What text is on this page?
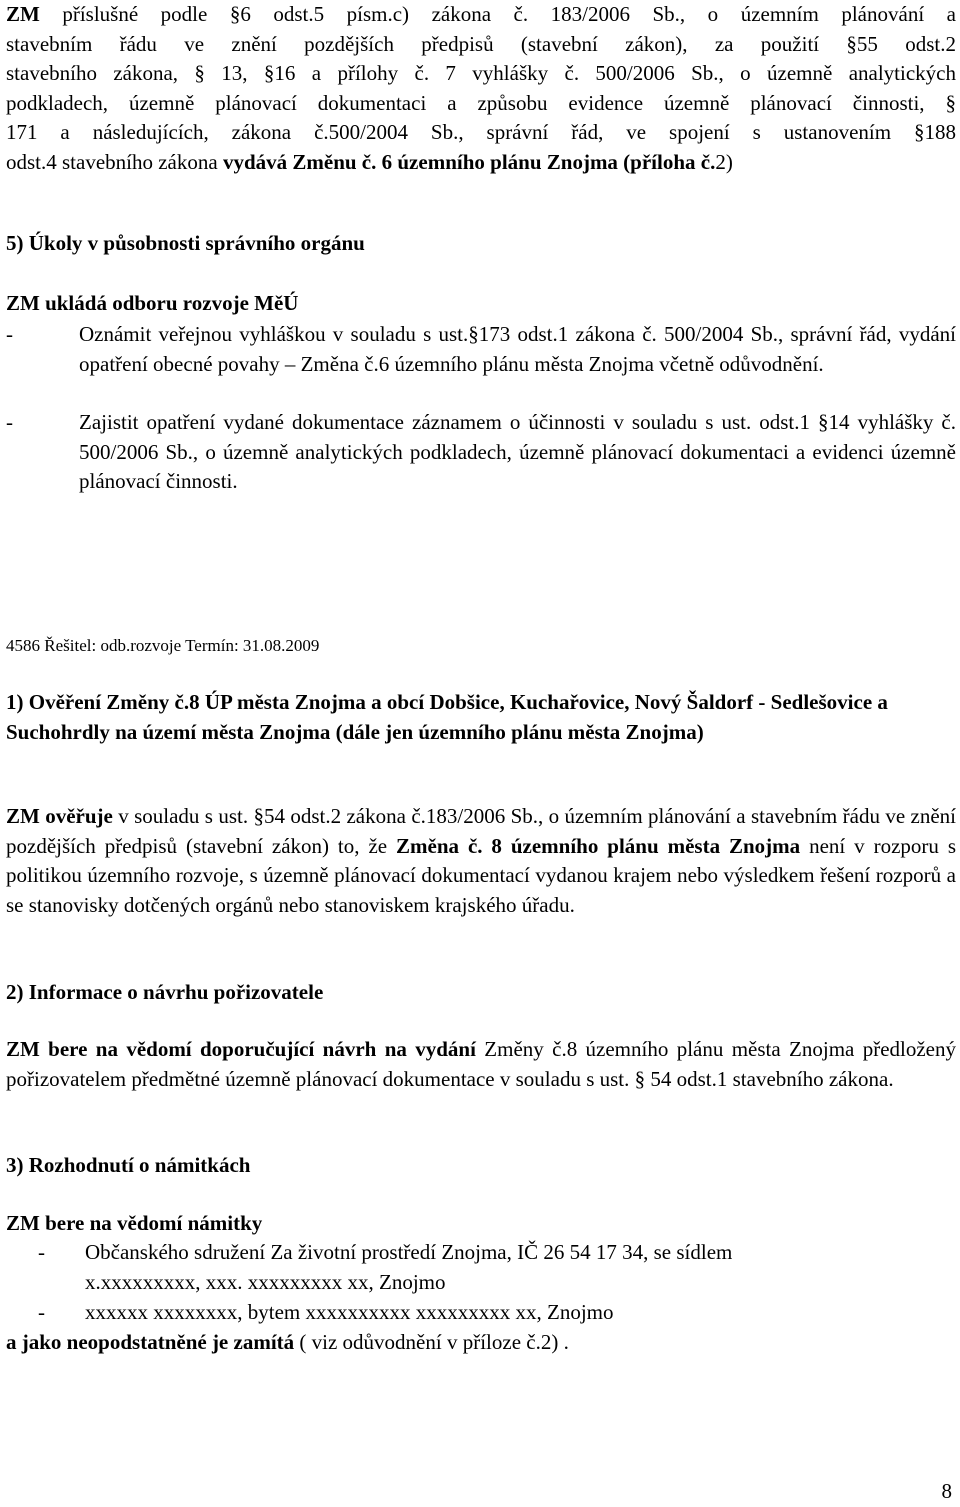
ZM příslušné podle §6 odst.5 písm.c) zákona č. 183/2006 Sb., o územním plánování a
stavebním řádu ve znění pozdějších předpisů (stavební zákon), za použití §55 odst.2
stavebního zákona, § 13, §16 a přílohy č. 7 vyhlášky č. 500/2006 Sb., o územně analytických
podkladech, územně plánovací dokumentaci a způsobu evidence územně plánovací činnosti, §
171 a následujících, zákona č.500/2004 Sb., správní řád, ve spojení s ustanovením §188
odst.4 stavebního zákona vydává Změnu č. 6 územního plánu Znojma (příloha č.2)

5) Úkoly v působnosti správního orgánu

ZM ukládá odboru rozvoje MěÚ

-	Oznámit veřejnou vyhláškou v souladu s ust.§173 odst.1 zákona č. 500/2004 Sb., správní řád, vydání opatření obecné povahy – Změna č.6 územního plánu města Znojma včetně odůvodnění.

-	Zajistit opatření vydané dokumentace záznamem o účinnosti v souladu s ust. odst.1 §14 vyhlášky č. 500/2006 Sb., o územně analytických podkladech, územně plánovací dokumentaci a evidenci územně plánovací činnosti.

4586 Řešitel: odb.rozvoje Termín: 31.08.2009

1) Ověření Změny č.8 ÚP města Znojma a obcí Dobšice, Kuchařovice, Nový Šaldorf - Sedlešovice a Suchohrdly na území města Znojma (dále jen územního plánu města Znojma)

ZM ověřuje v souladu s ust. §54 odst.2 zákona č.183/2006 Sb., o územním plánování a stavebním řádu ve znění pozdějších předpisů (stavební zákon) to, že Změna č. 8 územního plánu města Znojma není v rozporu s politikou územního rozvoje, s územně plánovací dokumentací vydanou krajem nebo výsledkem řešení rozporů a se stanovisky dotčených orgánů nebo stanoviskem krajského úřadu.

2) Informace o návrhu pořizovatele

ZM bere na vědomí doporučující návrh na vydání Změny č.8 územního plánu města Znojma předložený pořizovatelem předmětné územně plánovací dokumentace v souladu s ust. § 54 odst.1 stavebního zákona.

3) Rozhodnutí o námitkách

ZM bere na vědomí námitky

- Občanského sdružení Za životní prostředí Znojma, IČ 26 54 17 34, se sídlem

x.xxxxxxxxx, xxx. xxxxxxxxx xx, Znojmo

- xxxxxx xxxxxxxx, bytem xxxxxxxxxx xxxxxxxxx xx, Znojmo

a jako neopodstatněné je zamítá ( viz odůvodnění v příloze č.2) .

8
